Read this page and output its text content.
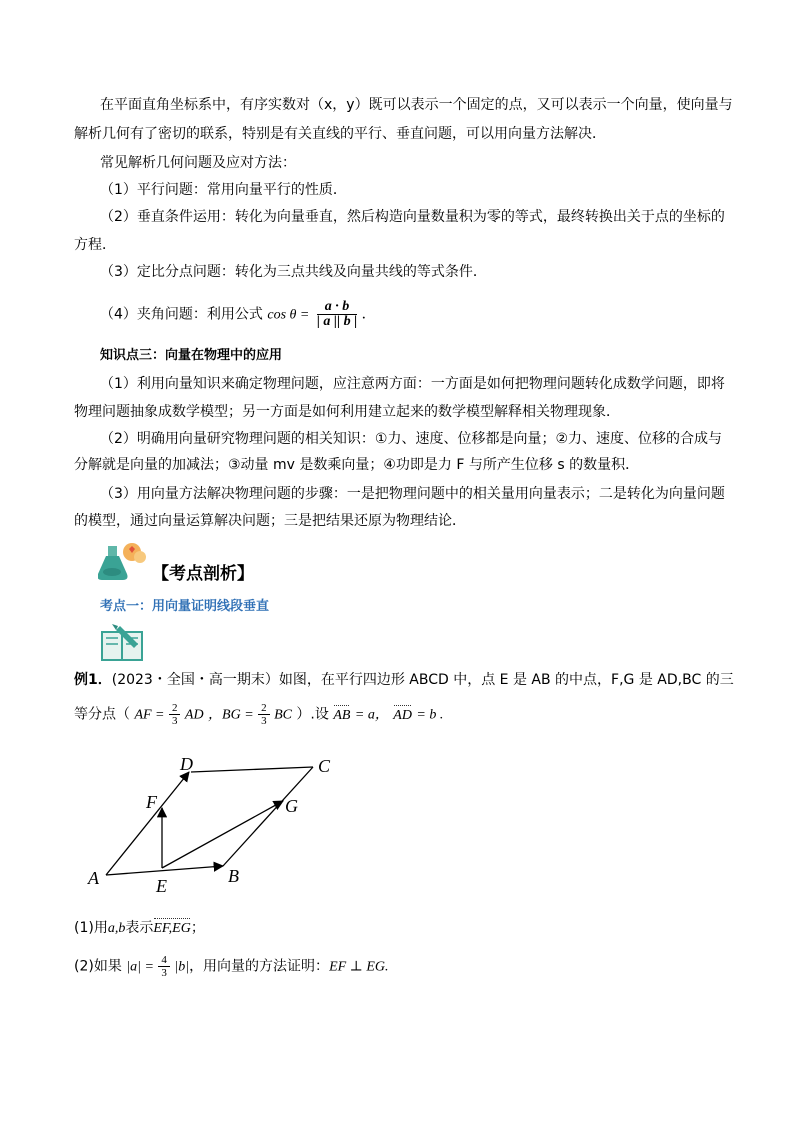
在平面直角坐标系中，有序实数对（x，y）既可以表示一个固定的点，又可以表示一个向量，使向量与
解析几何有了密切的联系，特别是有关直线的平行、垂直问题，可以用向量方法解决．
常见解析几何问题及应对方法：
（1）平行问题：常用向量平行的性质．
（2）垂直条件运用：转化为向量垂直，然后构造向量数量积为零的等式，最终转换出关于点的坐标的
方程．
（3）定比分点问题：转化为三点共线及向量共线的等式条件．
（4）夹角问题：利用公式 $\cos \theta = \frac{a \cdot b}{| a || b |}$ ．
知识点三：向量在物理中的应用
（1）利用向量知识来确定物理问题，应注意两方面：一方面是如何把物理问题转化成数学问题，即将
物理问题抽象成数学模型；另一方面是如何利用建立起来的数学模型解释相关物理现象．
（2）明确用向量研究物理问题的相关知识：①力、速度、位移都是向量；②力、速度、位移的合成与
分解就是向量的加减法；③动量 mv 是数乘向量；④功即是力 F 与所产生位移 s 的数量积．
（3）用向量方法解决物理问题的步骤：一是把物理问题中的相关量用向量表示；二是转化为向量问题
的模型，通过向量运算解决问题；三是把结果还原为物理结论．
【考点剖析】
考点一：用向量证明线段垂直
例1．(2023・全国・高一期末）如图，在平行四边形 ABCD 中，点 E 是 AB 的中点，F,G 是 AD,BC 的三
等分点（ AF = $\frac{2}{3}$ AD ，BG = $\frac{2}{3}$ BC ）.设 AB = a， AD = b .
A	B
C
D
E
F	G
(1)用a,b表示EF,EG；
(2)如果 $|a| = \frac{4}{3} |b|$，用向量的方法证明：EF ⊥ EG.
